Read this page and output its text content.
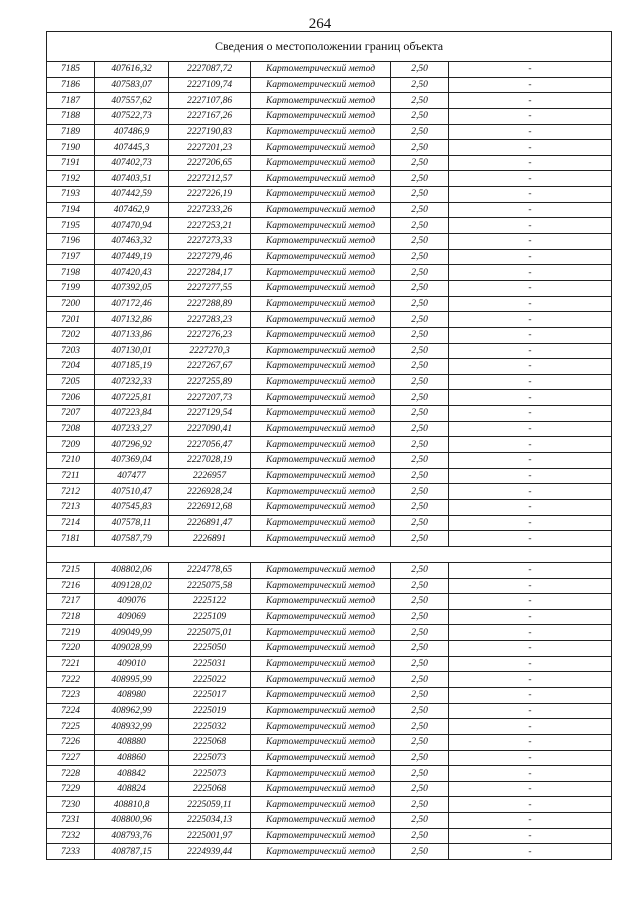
264
Сведения о местоположении границ объекта					
7185	407616,32	2227087,72	Картометрический метод	2,50	-
7186	407583,07	2227109,74	Картометрический метод	2,50	-
7187	407557,62	2227107,86	Картометрический метод	2,50	-
7188	407522,73	2227167,26	Картометрический метод	2,50	-
7189	407486,9	2227190,83	Картометрический метод	2,50	-
7190	407445,3	2227201,23	Картометрический метод	2,50	-
7191	407402,73	2227206,65	Картометрический метод	2,50	-
7192	407403,51	2227212,57	Картометрический метод	2,50	-
7193	407442,59	2227226,19	Картометрический метод	2,50	-
7194	407462,9	2227233,26	Картометрический метод	2,50	-
7195	407470,94	2227253,21	Картометрический метод	2,50	-
7196	407463,32	2227273,33	Картометрический метод	2,50	-
7197	407449,19	2227279,46	Картометрический метод	2,50	-
7198	407420,43	2227284,17	Картометрический метод	2,50	-
7199	407392,05	2227277,55	Картометрический метод	2,50	-
7200	407172,46	2227288,89	Картометрический метод	2,50	-
7201	407132,86	2227283,23	Картометрический метод	2,50	-
7202	407133,86	2227276,23	Картометрический метод	2,50	-
7203	407130,01	2227270,3	Картометрический метод	2,50	-
7204	407185,19	2227267,67	Картометрический метод	2,50	-
7205	407232,33	2227255,89	Картометрический метод	2,50	-
7206	407225,81	2227207,73	Картометрический метод	2,50	-
7207	407223,84	2227129,54	Картометрический метод	2,50	-
7208	407233,27	2227090,41	Картометрический метод	2,50	-
7209	407296,92	2227056,47	Картометрический метод	2,50	-
7210	407369,04	2227028,19	Картометрический метод	2,50	-
7211	407477	2226957	Картометрический метод	2,50	-
7212	407510,47	2226928,24	Картометрический метод	2,50	-
7213	407545,83	2226912,68	Картометрический метод	2,50	-
7214	407578,11	2226891,47	Картометрический метод	2,50	-
7181	407587,79	2226891	Картометрический метод	2,50	-

7215	408802,06	2224778,65	Картометрический метод	2,50	-
7216	409128,02	2225075,58	Картометрический метод	2,50	-
7217	409076	2225122	Картометрический метод	2,50	-
7218	409069	2225109	Картометрический метод	2,50	-
7219	409049,99	2225075,01	Картометрический метод	2,50	-
7220	409028,99	2225050	Картометрический метод	2,50	-
7221	409010	2225031	Картометрический метод	2,50	-
7222	408995,99	2225022	Картометрический метод	2,50	-
7223	408980	2225017	Картометрический метод	2,50	-
7224	408962,99	2225019	Картометрический метод	2,50	-
7225	408932,99	2225032	Картометрический метод	2,50	-
7226	408880	2225068	Картометрический метод	2,50	-
7227	408860	2225073	Картометрический метод	2,50	-
7228	408842	2225073	Картометрический метод	2,50	-
7229	408824	2225068	Картометрический метод	2,50	-
7230	408810,8	2225059,11	Картометрический метод	2,50	-
7231	408800,96	2225034,13	Картометрический метод	2,50	-
7232	408793,76	2225001,97	Картометрический метод	2,50	-
7233	408787,15	2224939,44	Картометрический метод	2,50	-
